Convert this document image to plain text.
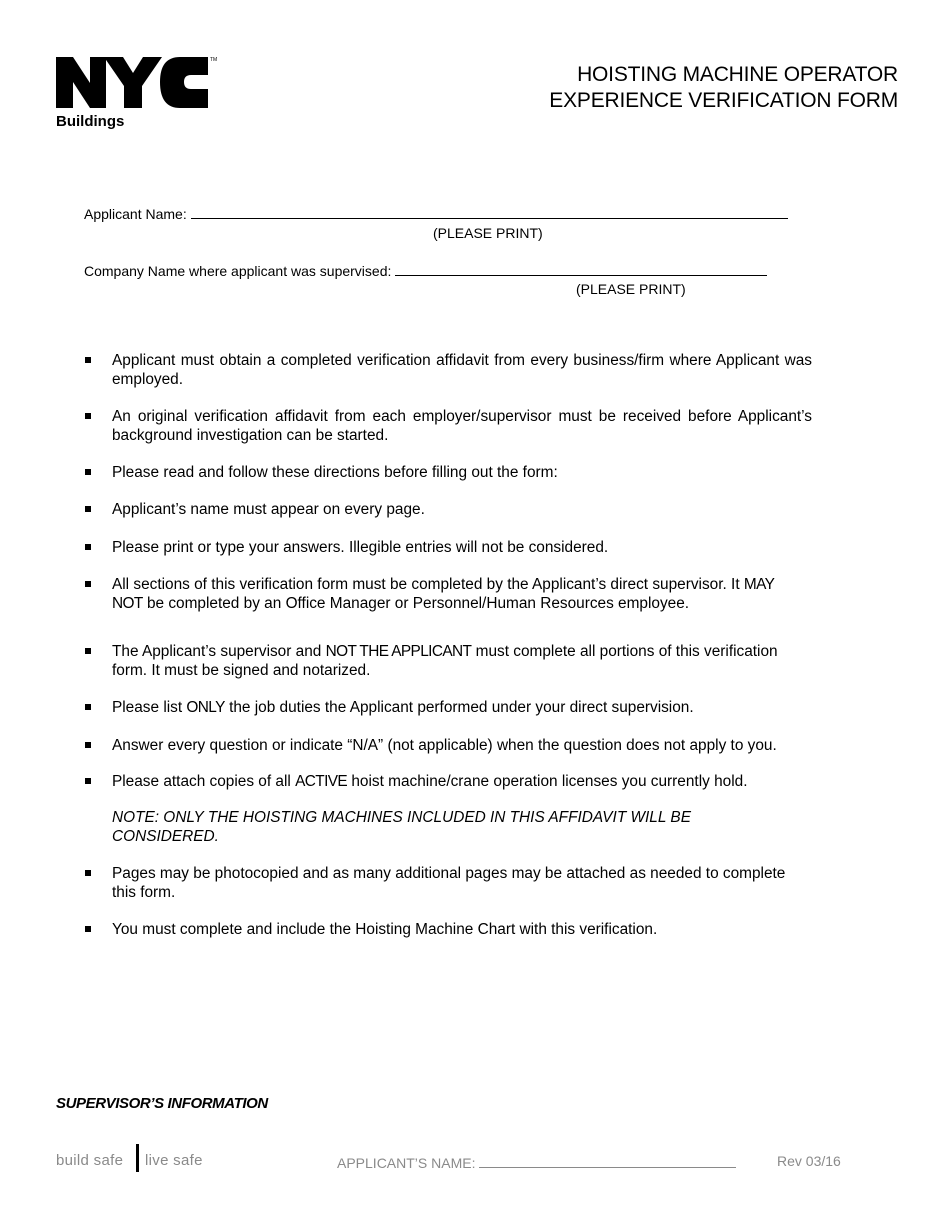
TM
Buildings
HOISTING MACHINE OPERATOR
EXPERIENCE VERIFICATION FORM
Applicant Name:
(PLEASE PRINT)
Company Name where applicant was supervised:
(PLEASE PRINT)
Applicant must obtain a completed verification affidavit from every business/firm where Applicant was employed.
An original verification affidavit from each employer/supervisor must be received before Applicant’s background investigation can be started.
Please read and follow these directions before filling out the form:
Applicant’s name must appear on every page.
Please print or type your answers. Illegible entries will not be considered.
All sections of this verification form must be completed by the Applicant’s direct supervisor. It MAY NOT be completed by an Office Manager or Personnel/Human Resources employee.
The Applicant’s supervisor and NOT THE APPLICANT must complete all portions of this verification form. It must be signed and notarized.
Please list ONLY the job duties the Applicant performed under your direct supervision.
Answer every question or indicate “N/A” (not applicable) when the question does not apply to you.
Please attach copies of all ACTIVE hoist machine/crane operation licenses you currently hold.
NOTE: ONLY THE HOISTING MACHINES INCLUDED IN THIS AFFIDAVIT WILL BE CONSIDERED.
Pages may be photocopied and as many additional pages may be attached as needed to complete this form.
You must complete and include the Hoisting Machine Chart with this verification.
SUPERVISOR’S INFORMATION
build safe live safe	APPLICANT’S NAME:	Rev 03/16
